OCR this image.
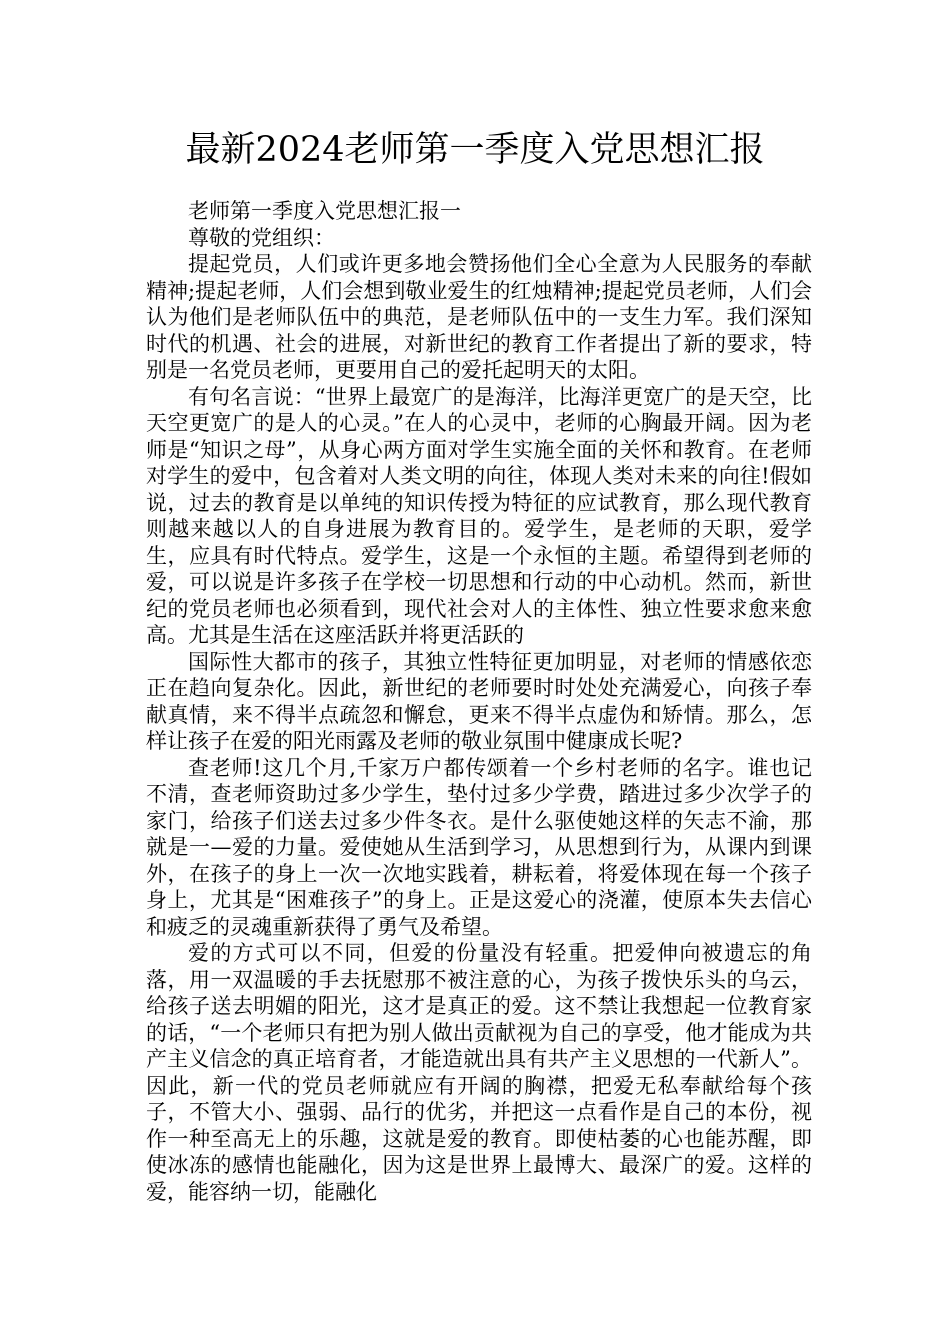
最新2024老师第一季度入党思想汇报

老师第一季度入党思想汇报一

尊敬的党组织：

提起党员，人们或许更多地会赞扬他们全心全意为人民服务的奉献精神;提起老师，人们会想到敬业爱生的红烛精神;提起党员老师，人们会认为他们是老师队伍中的典范，是老师队伍中的一支生力军。我们深知时代的机遇、社会的进展，对新世纪的教育工作者提出了新的要求，特别是一名党员老师，更要用自己的爱托起明天的太阳。

有句名言说：“世界上最宽广的是海洋，比海洋更宽广的是天空，比天空更宽广的是人的心灵。”在人的心灵中，老师的心胸最开阔。因为老师是“知识之母”，从身心两方面对学生实施全面的关怀和教育。在老师对学生的爱中，包含着对人类文明的向往，体现人类对未来的向往!假如说，过去的教育是以单纯的知识传授为特征的应试教育，那么现代教育则越来越以人的自身进展为教育目的。爱学生，是老师的天职，爱学生，应具有时代特点。爱学生，这是一个永恒的主题。希望得到老师的爱，可以说是许多孩子在学校一切思想和行动的中心动机。然而，新世纪的党员老师也必须看到，现代社会对人的主体性、独立性要求愈来愈高。尤其是生活在这座活跃并将更活跃的

国际性大都市的孩子，其独立性特征更加明显，对老师的情感依恋正在趋向复杂化。因此，新世纪的老师要时时处处充满爱心，向孩子奉献真情，来不得半点疏忽和懈怠，更来不得半点虚伪和矫情。那么，怎样让孩子在爱的阳光雨露及老师的敬业氛围中健康成长呢?

查老师!这几个月,千家万户都传颂着一个乡村老师的名字。谁也记不清，查老师资助过多少学生，垫付过多少学费，踏进过多少次学子的家门，给孩子们送去过多少件冬衣。是什么驱使她这样的矢志不渝，那就是一—爱的力量。爱使她从生活到学习，从思想到行为，从课内到课外，在孩子的身上一次一次地实践着，耕耘着，将爱体现在每一个孩子身上，尤其是“困难孩子”的身上。正是这爱心的浇灌，使原本失去信心和疲乏的灵魂重新获得了勇气及希望。

爱的方式可以不同，但爱的份量没有轻重。把爱伸向被遗忘的角落，用一双温暖的手去抚慰那不被注意的心，为孩子拨快乐头的乌云，给孩子送去明媚的阳光，这才是真正的爱。这不禁让我想起一位教育家的话，“一个老师只有把为别人做出贡献视为自己的享受，他才能成为共产主义信念的真正培育者，才能造就出具有共产主义思想的一代新人”。因此，新一代的党员老师就应有开阔的胸襟，把爱无私奉献给每个孩子，不管大小、强弱、品行的优劣，并把这一点看作是自己的本份，视作一种至高无上的乐趣，这就是爱的教育。即使枯萎的心也能苏醒，即使冰冻的感情也能融化，因为这是世界上最博大、最深广的爱。这样的爱，能容纳一切，能融化
